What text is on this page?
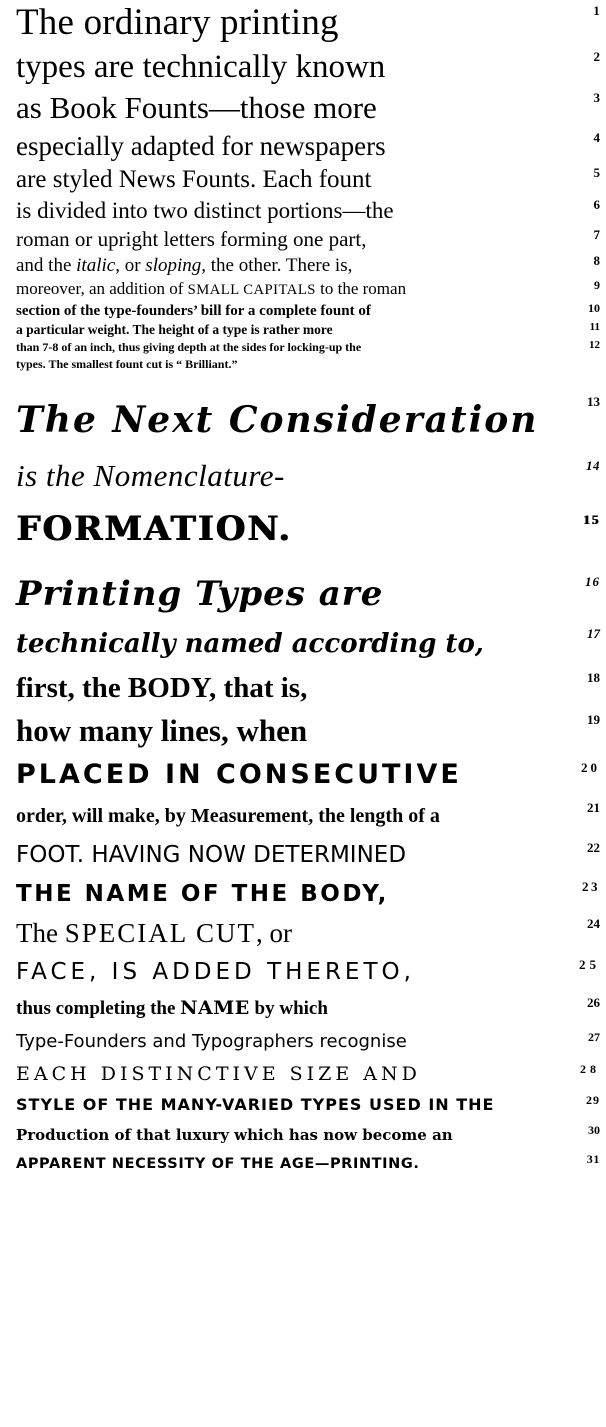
The ordinary printing	1
types are technically known	2
as Book Founts—those more	3
especially adapted for newspapers	4
are styled News Founts. Each fount	5
is divided into two distinct portions—the	6
roman or upright letters forming one part,	7
and the italic, or sloping, the other. There is,	8
moreover, an addition of SMALL CAPITALS to the roman	9
section of the type-founders’ bill for a complete fount of	10
a particular weight. The height of a type is rather more	11
than 7-8 of an inch, thus giving depth at the sides for locking-up the	12
types. The smallest fount cut is “ Brilliant.”
The Next Consideration	13
is the Nomenclature-	14
FORMATION.	15
Printing Types are	16
technically named according to,	17
first, the BODY, that is,	18
how many lines, when	19
PLACED IN CONSECUTIVE	20
order, will make, by Measurement, the length of a	21
FOOT. HAVING NOW DETERMINED	22
THE NAME OF THE BODY,	23
The SPECIAL CUT, or	24
FACE, IS ADDED THERETO,	25
thus completing the NAME by which	26
Type-Founders and Typographers recognise	27
EACH DISTINCTIVE SIZE AND	28
STYLE OF THE MANY-VARIED TYPES USED IN THE	29
Production of that luxury which has now become an	30
APPARENT NECESSITY OF THE AGE—PRINTING.	31
